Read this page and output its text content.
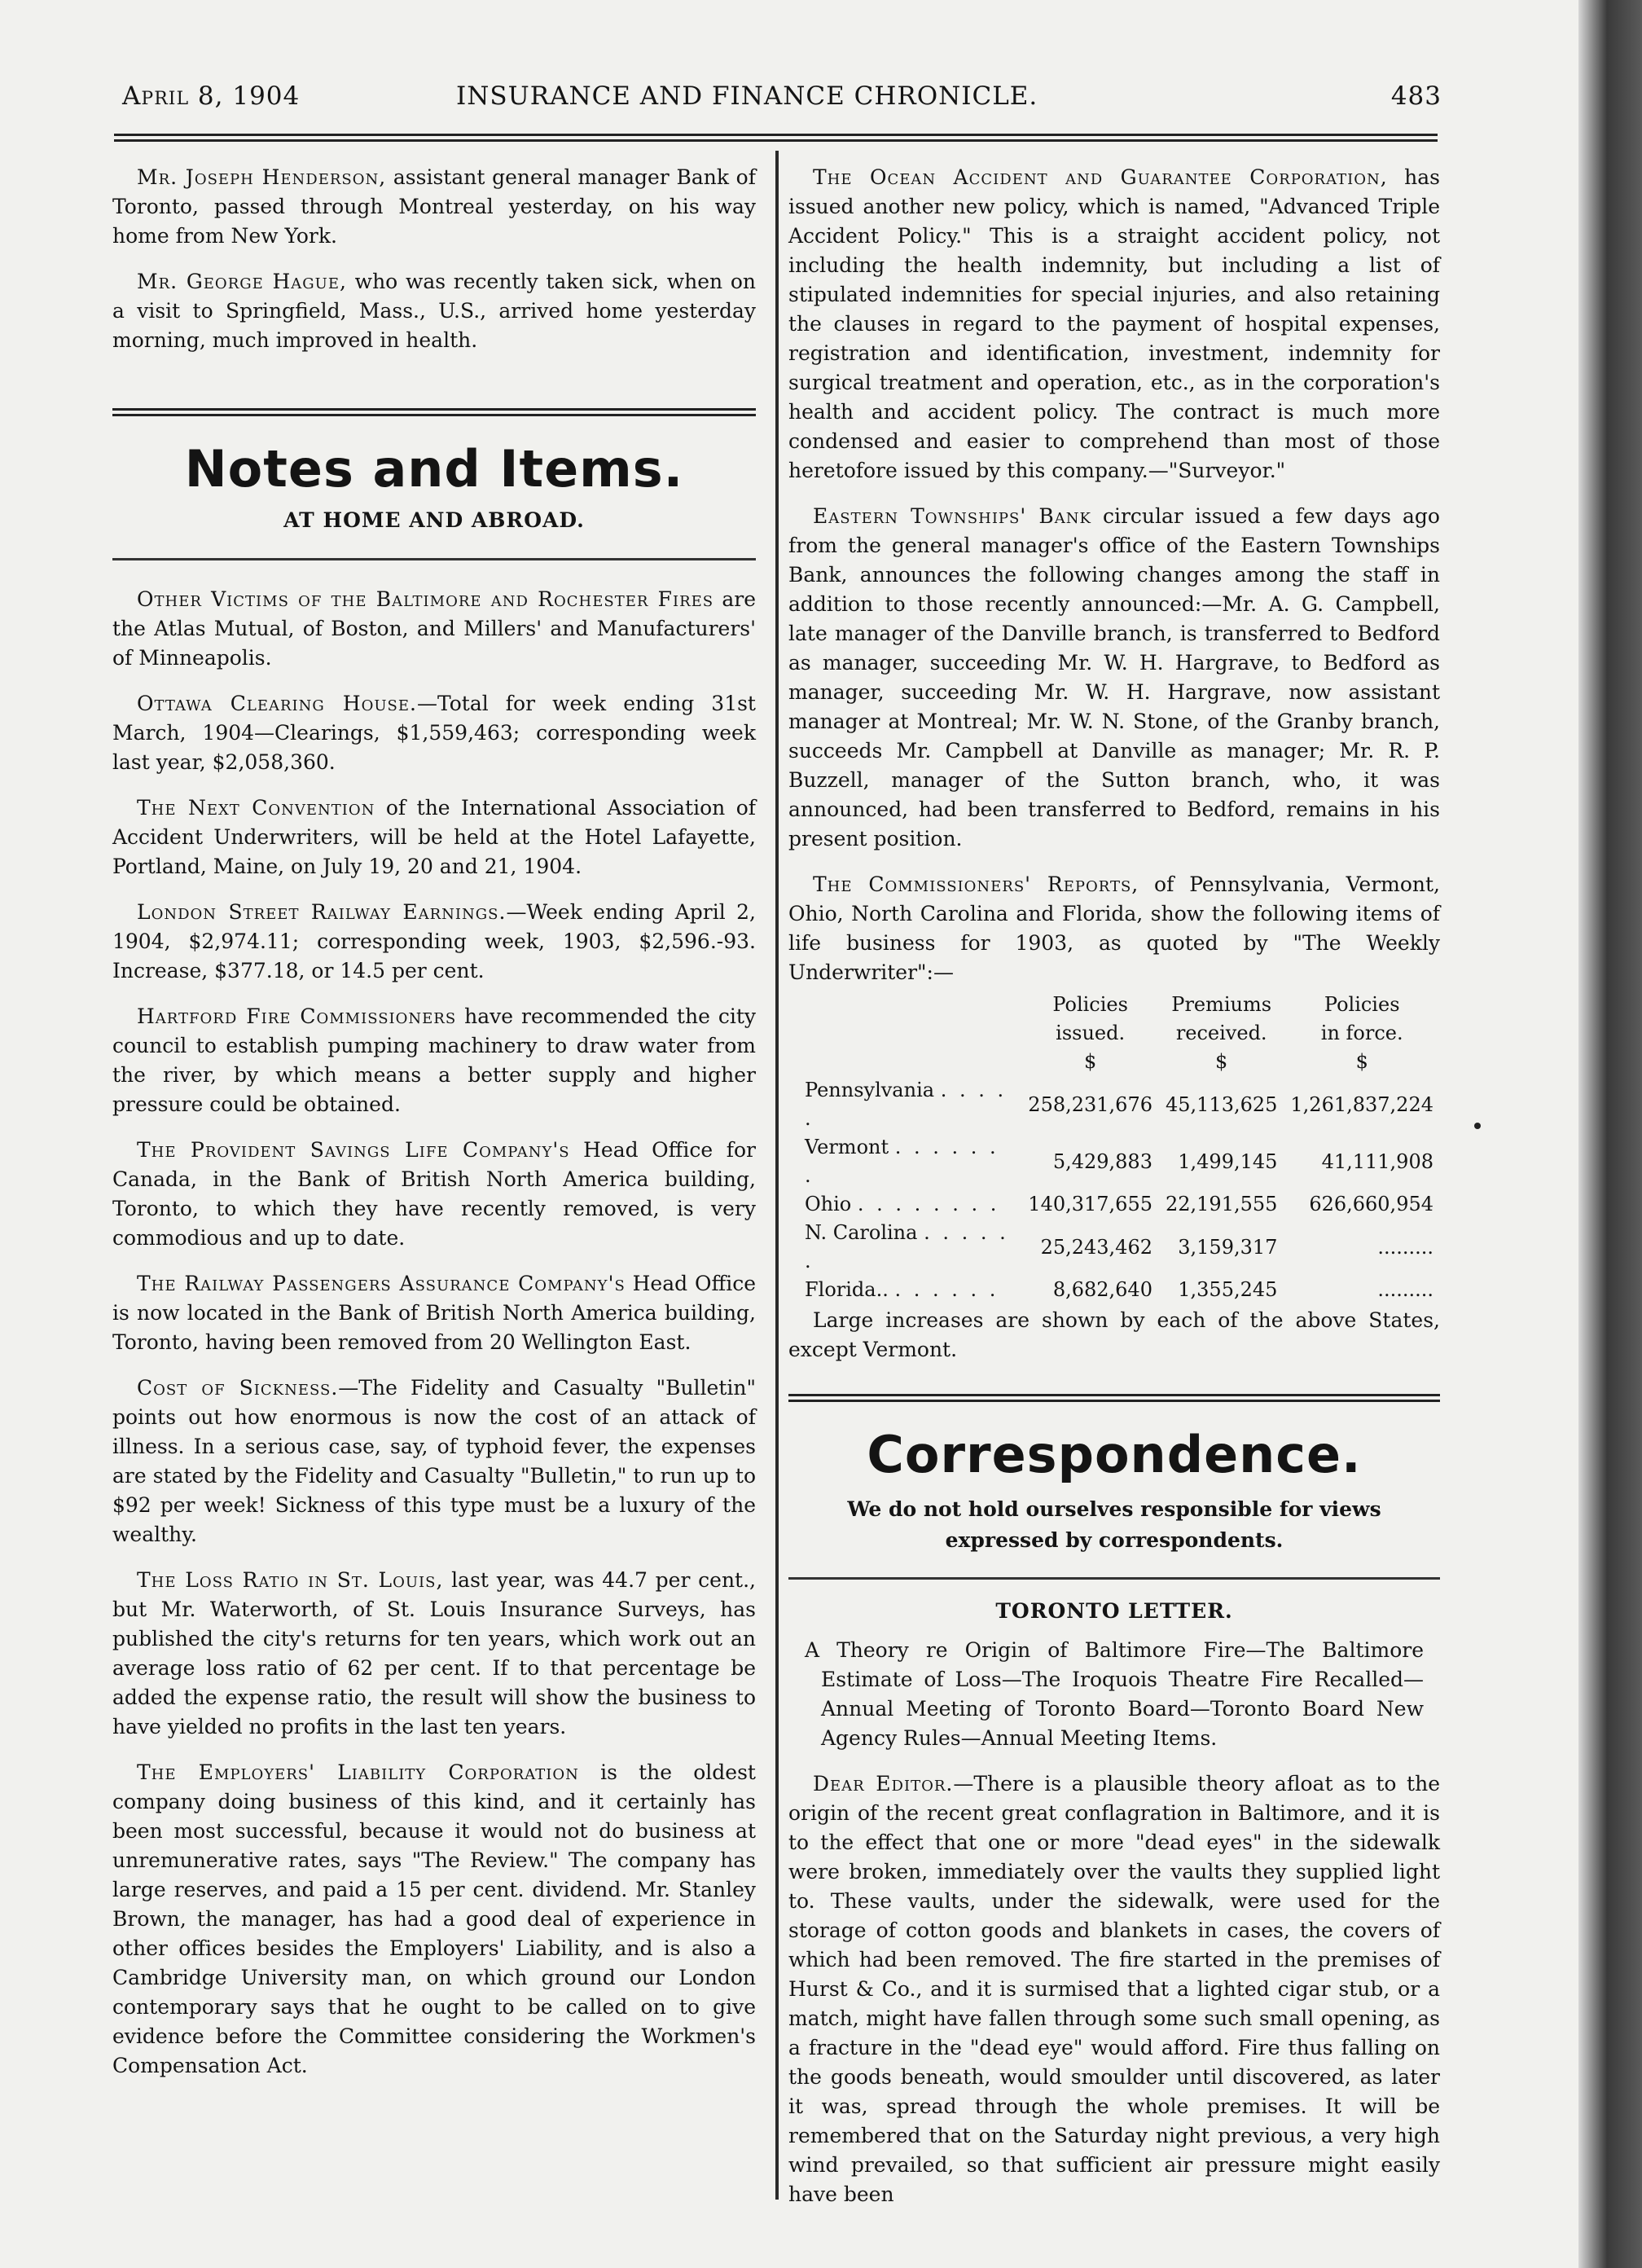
April 8, 1904	INSURANCE AND FINANCE CHRONICLE.	483

Mr. Joseph Henderson, assistant general manager Bank of Toronto, passed through Montreal yesterday, on his way home from New York.

Mr. George Hague, who was recently taken sick, when on a visit to Springfield, Mass., U.S., arrived home yesterday morning, much improved in health.

Notes and Items.

AT HOME AND ABROAD.

Other Victims of the Baltimore and Rochester Fires are the Atlas Mutual, of Boston, and Millers' and Manufacturers' of Minneapolis.

Ottawa Clearing House.—Total for week ending 31st March, 1904—Clearings, $1,559,463; corresponding week last year, $2,058,360.

The Next Convention of the International Association of Accident Underwriters, will be held at the Hotel Lafayette, Portland, Maine, on July 19, 20 and 21, 1904.

London Street Railway Earnings.—Week ending April 2, 1904, $2,974.11; corresponding week, 1903, $2,596.-93. Increase, $377.18, or 14.5 per cent.

Hartford Fire Commissioners have recommended the city council to establish pumping machinery to draw water from the river, by which means a better supply and higher pressure could be obtained.

The Provident Savings Life Company's Head Office for Canada, in the Bank of British North America building, Toronto, to which they have recently removed, is very commodious and up to date.

The Railway Passengers Assurance Company's Head Office is now located in the Bank of British North America building, Toronto, having been removed from 20 Wellington East.

Cost of Sickness.—The Fidelity and Casualty "Bulletin" points out how enormous is now the cost of an attack of illness. In a serious case, say, of typhoid fever, the expenses are stated by the Fidelity and Casualty "Bulletin," to run up to $92 per week! Sickness of this type must be a luxury of the wealthy.

The Loss Ratio in St. Louis, last year, was 44.7 per cent., but Mr. Waterworth, of St. Louis Insurance Surveys, has published the city's returns for ten years, which work out an average loss ratio of 62 per cent. If to that percentage be added the expense ratio, the result will show the business to have yielded no profits in the last ten years.

The Employers' Liability Corporation is the oldest company doing business of this kind, and it certainly has been most successful, because it would not do business at unremunerative rates, says "The Review." The company has large reserves, and paid a 15 per cent. dividend. Mr. Stanley Brown, the manager, has had a good deal of experience in other offices besides the Employers' Liability, and is also a Cambridge University man, on which ground our London contemporary says that he ought to be called on to give evidence before the Committee considering the Workmen's Compensation Act.

The Ocean Accident and Guarantee Corporation, has issued another new policy, which is named, "Advanced Triple Accident Policy." This is a straight accident policy, not including the health indemnity, but including a list of stipulated indemnities for special injuries, and also retaining the clauses in regard to the payment of hospital expenses, registration and identification, investment, indemnity for surgical treatment and operation, etc., as in the corporation's health and accident policy. The contract is much more condensed and easier to comprehend than most of those heretofore issued by this company.—"Surveyor."

Eastern Townships' Bank circular issued a few days ago from the general manager's office of the Eastern Townships Bank, announces the following changes among the staff in addition to those recently announced:—Mr. A. G. Campbell, late manager of the Danville branch, is transferred to Bedford as manager, succeeding Mr. W. H. Hargrave, to Bedford as manager, succeeding Mr. W. H. Hargrave, now assistant manager at Montreal; Mr. W. N. Stone, of the Granby branch, succeeds Mr. Campbell at Danville as manager; Mr. R. P. Buzzell, manager of the Sutton branch, who, it was announced, had been transferred to Bedford, remains in his present position.

The Commissioners' Reports, of Pennsylvania, Vermont, Ohio, North Carolina and Florida, show the following items of life business for 1903, as quoted by "The Weekly Underwriter":—

	Policies	Premiums	Policies
	issued.	received.	in force.
	$	$	$
Pennsylvania . . . . .	258,231,676	45,113,625	1,261,837,224
Vermont . . . . . . .	5,429,883	1,499,145	41,111,908
Ohio . . . . . . . .	140,317,655	22,191,555	626,660,954
N. Carolina . . . . . .	25,243,462	3,159,317	.........
Florida.. . . . . . .	8,682,640	1,355,245	.........

Large increases are shown by each of the above States, except Vermont.

Correspondence.

We do not hold ourselves responsible for views expressed by correspondents.

TORONTO LETTER.

A Theory re Origin of Baltimore Fire—The Baltimore Estimate of Loss—The Iroquois Theatre Fire Recalled—Annual Meeting of Toronto Board—Toronto Board New Agency Rules—Annual Meeting Items.

Dear Editor.—There is a plausible theory afloat as to the origin of the recent great conflagration in Baltimore, and it is to the effect that one or more "dead eyes" in the sidewalk were broken, immediately over the vaults they supplied light to. These vaults, under the sidewalk, were used for the storage of cotton goods and blankets in cases, the covers of which had been removed. The fire started in the premises of Hurst & Co., and it is surmised that a lighted cigar stub, or a match, might have fallen through some such small opening, as a fracture in the "dead eye" would afford. Fire thus falling on the goods beneath, would smoulder until discovered, as later it was, spread through the whole premises. It will be remembered that on the Saturday night previous, a very high wind prevailed, so that sufficient air pressure might easily have been
